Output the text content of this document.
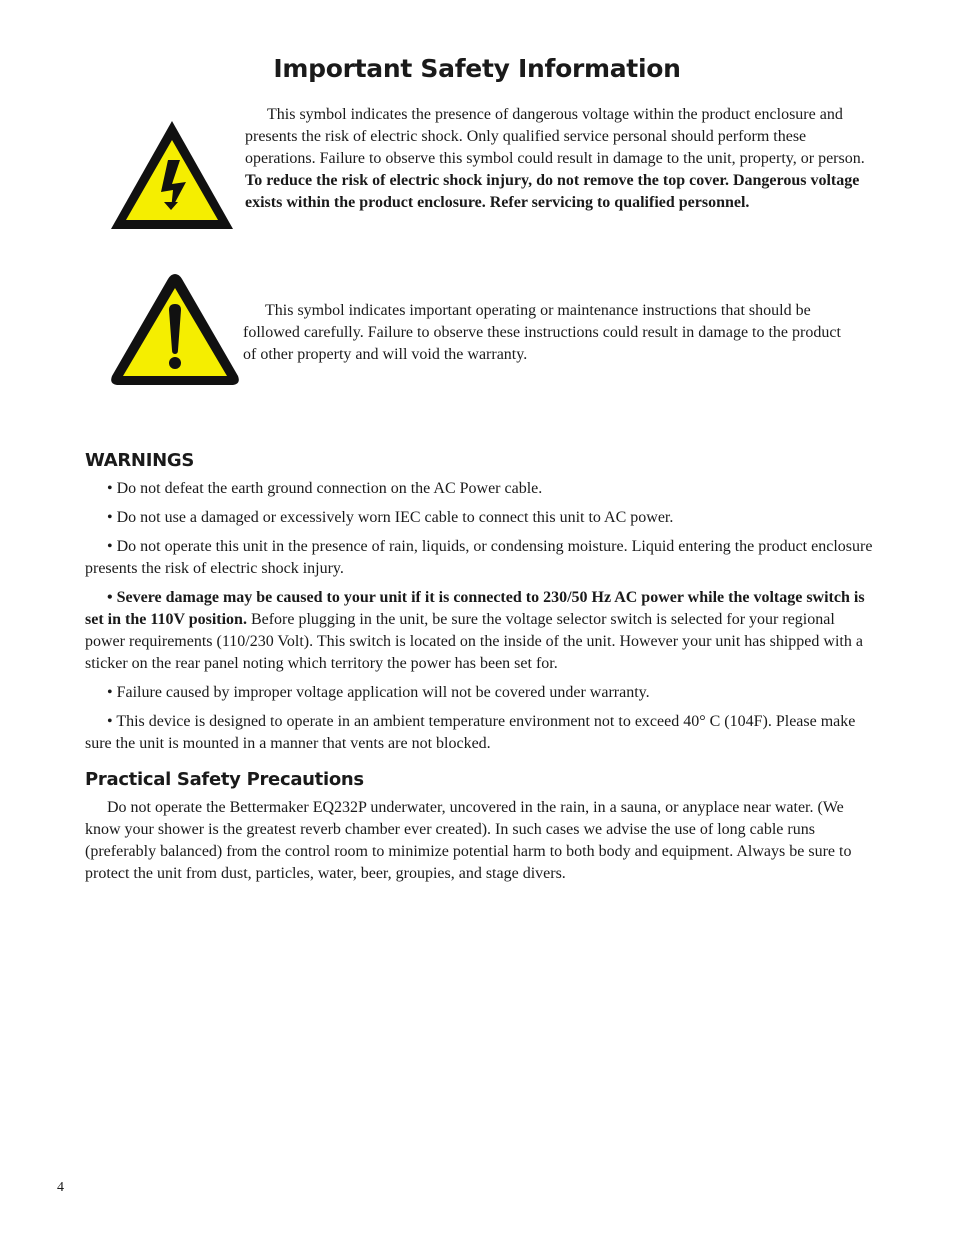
Important Safety Information

This symbol indicates the presence of dangerous voltage within the product enclosure and presents the risk of electric shock. Only qualified service personal should perform these operations. Failure to observe this symbol could result in damage to the unit, property, or person. To reduce the risk of electric shock injury, do not remove the top cover. Dangerous voltage exists within the product enclosure. Refer servicing to qualified personnel.

This symbol indicates important operating or maintenance instructions that should be followed carefully. Failure to observe these instructions could result in damage to the product of other property and will void the warranty.

WARNINGS

• Do not defeat the earth ground connection on the AC Power cable.

• Do not use a damaged or excessively worn IEC cable to connect this unit to AC power.

• Do not operate this unit in the presence of rain, liquids, or condensing moisture. Liquid entering the product enclosure presents the risk of electric shock injury.

• Severe damage may be caused to your unit if it is connected to 230/50 Hz AC power while the voltage switch is set in the 110V position. Before plugging in the unit, be sure the voltage selector switch is selected for your regional power requirements (110/230 Volt). This switch is located on the inside of the unit. However your unit has shipped with a sticker on the rear panel noting which territory the power has been set for.

• Failure caused by improper voltage application will not be covered under warranty.

• This device is designed to operate in an ambient temperature environment not to exceed 40° C (104F). Please make sure the unit is mounted in a manner that vents are not blocked.

Practical Safety Precautions

Do not operate the Bettermaker EQ232P underwater, uncovered in the rain, in a sauna, or anyplace near water. (We know your shower is the greatest reverb chamber ever created). In such cases we advise the use of long cable runs (preferably balanced) from the control room to minimize potential harm to both body and equipment. Always be sure to protect the unit from dust, particles, water, beer, groupies, and stage divers.

4
